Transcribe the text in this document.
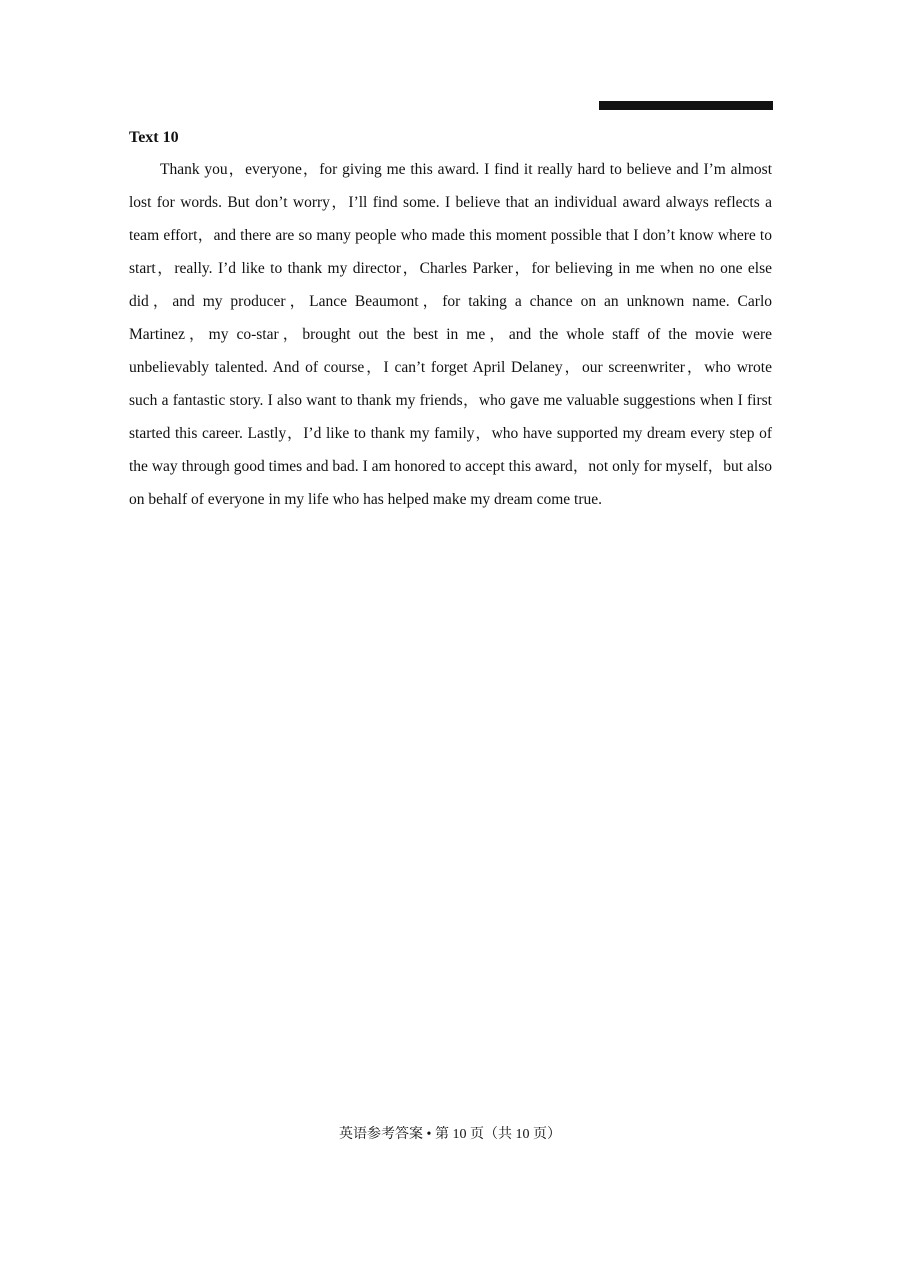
Text 10

Thank you，everyone，for giving me this award. I find it really hard to believe and I’m almost lost for words. But don’t worry，I’ll find some. I believe that an individual award always reflects a team effort，and there are so many people who made this moment possible that I don’t know where to start，really. I’d like to thank my director，Charles Parker，for believing in me when no one else did，and my producer，Lance Beaumont，for taking a chance on an unknown name. Carlo Martinez，my co-star，brought out the best in me，and the whole staff of the movie were unbelievably talented. And of course，I can’t forget April Delaney，our screenwriter，who wrote such a fantastic story. I also want to thank my friends，who gave me valuable suggestions when I first started this career. Lastly，I’d like to thank my family，who have supported my dream every step of the way through good times and bad. I am honored to accept this award，not only for myself，but also on behalf of everyone in my life who has helped make my dream come true.

英语参考答案 • 第 10 页（共 10 页）
